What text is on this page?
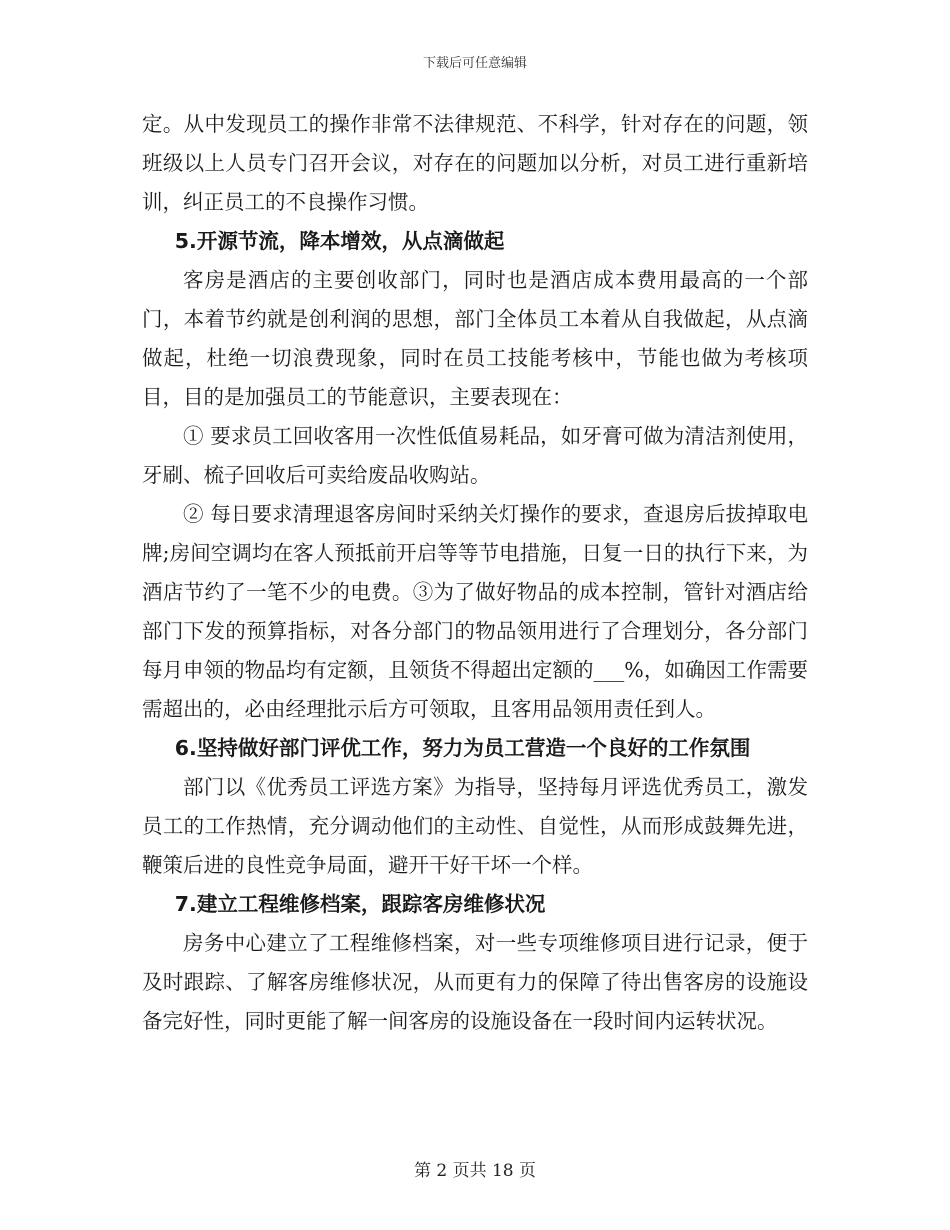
下载后可任意编辑

定。从中发现员工的操作非常不法律规范、不科学，针对存在的问题，领班级以上人员专门召开会议，对存在的问题加以分析，对员工进行重新培训，纠正员工的不良操作习惯。

5.开源节流，降本增效，从点滴做起

客房是酒店的主要创收部门，同时也是酒店成本费用最高的一个部门，本着节约就是创利润的思想，部门全体员工本着从自我做起，从点滴做起，杜绝一切浪费现象，同时在员工技能考核中，节能也做为考核项目，目的是加强员工的节能意识，主要表现在：

① 要求员工回收客用一次性低值易耗品，如牙膏可做为清洁剂使用，牙刷、梳子回收后可卖给废品收购站。

② 每日要求清理退客房间时采纳关灯操作的要求，查退房后拔掉取电牌;房间空调均在客人预抵前开启等等节电措施，日复一日的执行下来，为酒店节约了一笔不少的电费。③为了做好物品的成本控制，管针对酒店给部门下发的预算指标，对各分部门的物品领用进行了合理划分，各分部门每月申领的物品均有定额，且领货不得超出定额的___%，如确因工作需要需超出的，必由经理批示后方可领取，且客用品领用责任到人。

6.坚持做好部门评优工作，努力为员工营造一个良好的工作氛围

部门以《优秀员工评选方案》为指导，坚持每月评选优秀员工，激发员工的工作热情，充分调动他们的主动性、自觉性，从而形成鼓舞先进，鞭策后进的良性竞争局面，避开干好干坏一个样。

7.建立工程维修档案，跟踪客房维修状况

房务中心建立了工程维修档案，对一些专项维修项目进行记录，便于及时跟踪、了解客房维修状况，从而更有力的保障了待出售客房的设施设备完好性，同时更能了解一间客房的设施设备在一段时间内运转状况。

第 2 页共 18 页
